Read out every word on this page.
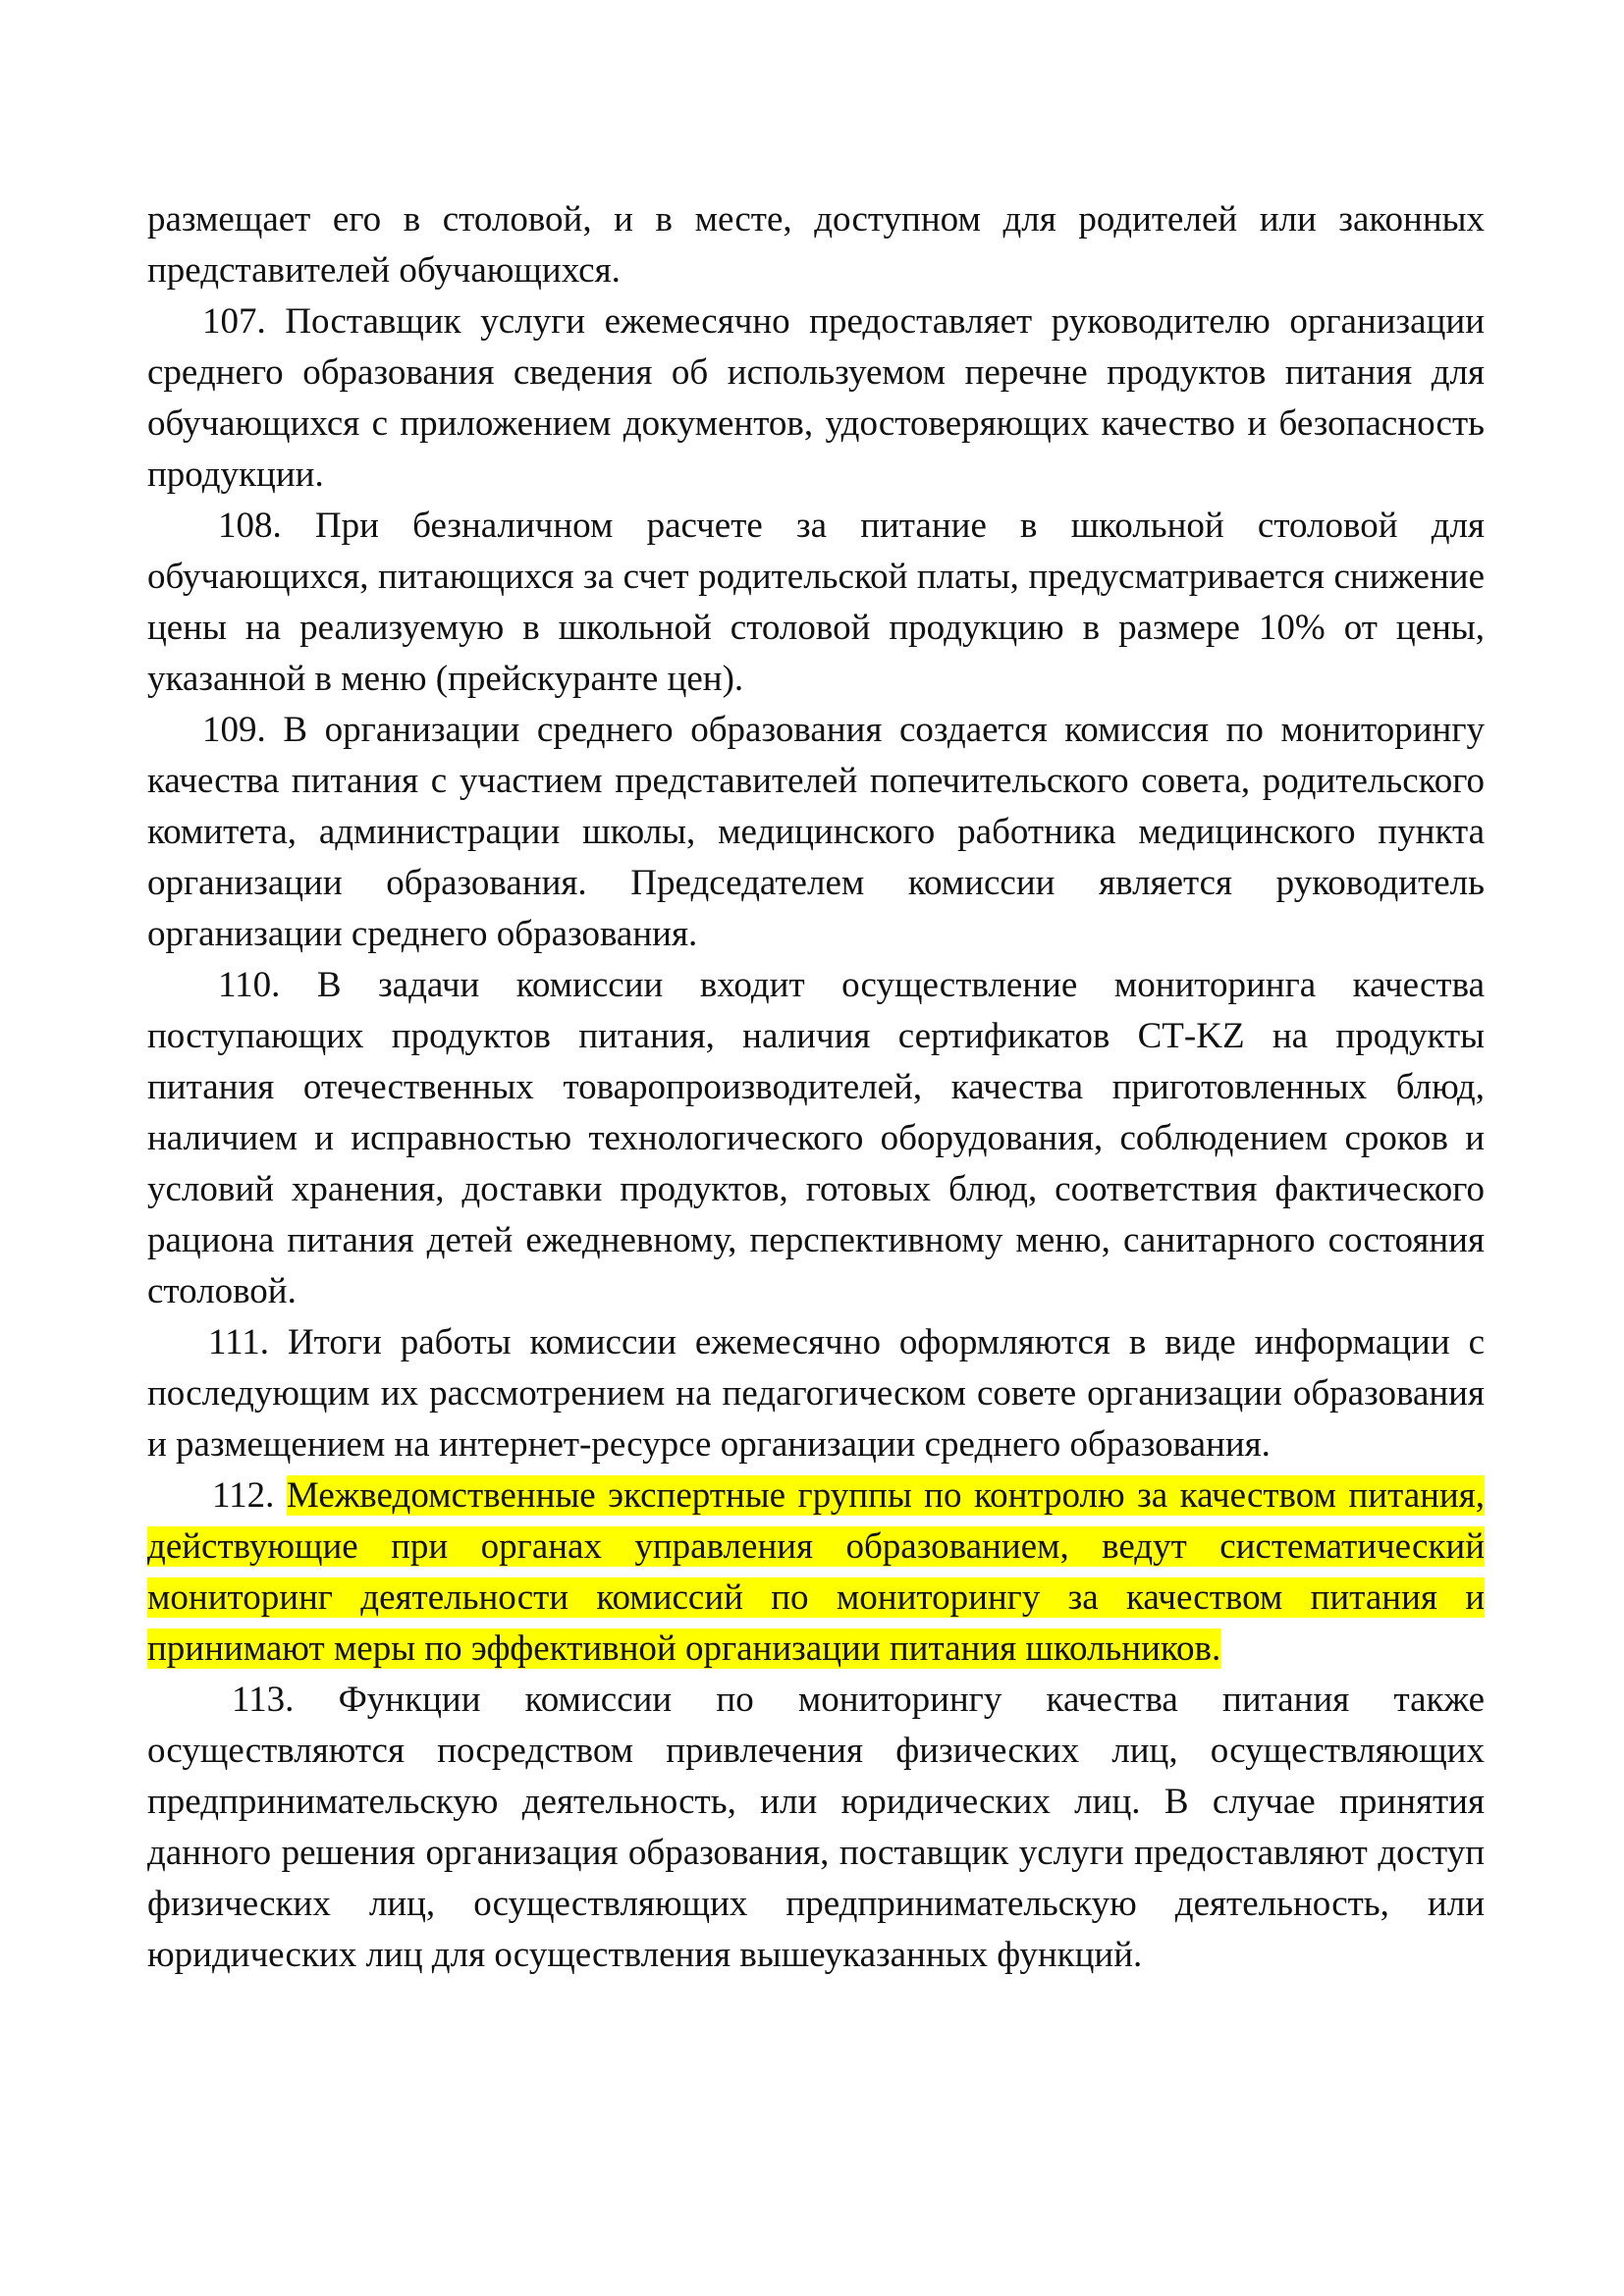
размещает его в столовой, и в месте, доступном для родителей или законных представителей обучающихся.

107. Поставщик услуги ежемесячно предоставляет руководителю организации среднего образования сведения об используемом перечне продуктов питания для обучающихся с приложением документов, удостоверяющих качество и безопасность продукции.

108. При безналичном расчете за питание в школьной столовой для обучающихся, питающихся за счет родительской платы, предусматривается снижение цены на реализуемую в школьной столовой продукцию в размере 10% от цены, указанной в меню (прейскуранте цен).

109. В организации среднего образования создается комиссия по мониторингу качества питания с участием представителей попечительского совета, родительского комитета, администрации школы, медицинского работника медицинского пункта организации образования. Председателем комиссии является руководитель организации среднего образования.

110. В задачи комиссии входит осуществление мониторинга качества поступающих продуктов питания, наличия сертификатов СТ-KZ на продукты питания отечественных товаропроизводителей, качества приготовленных блюд, наличием и исправностью технологического оборудования, соблюдением сроков и условий хранения, доставки продуктов, готовых блюд, соответствия фактического рациона питания детей ежедневному, перспективному меню, санитарного состояния столовой.

111. Итоги работы комиссии ежемесячно оформляются в виде информации с последующим их рассмотрением на педагогическом совете организации образования и размещением на интернет-ресурсе организации среднего образования.

112. Межведомственные экспертные группы по контролю за качеством питания, действующие при органах управления образованием, ведут систематический мониторинг деятельности комиссий по мониторингу за качеством питания и принимают меры по эффективной организации питания школьников.

113. Функции комиссии по мониторингу качества питания также осуществляются посредством привлечения физических лиц, осуществляющих предпринимательскую деятельность, или юридических лиц. В случае принятия данного решения организация образования, поставщик услуги предоставляют доступ физических лиц, осуществляющих предпринимательскую деятельность, или юридических лиц для осуществления вышеуказанных функций.
